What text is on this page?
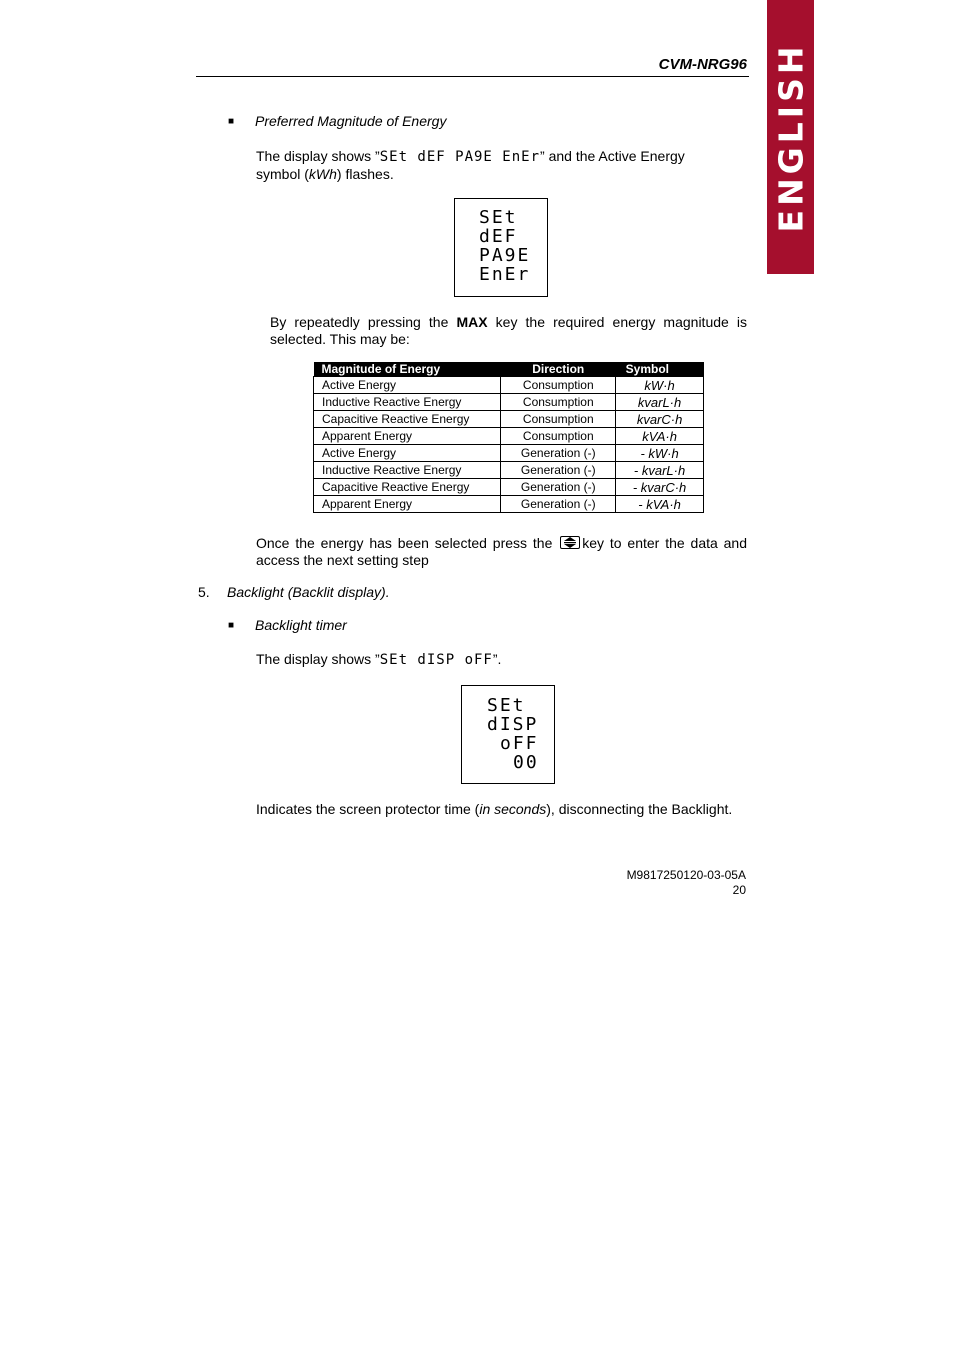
ENGLISH
CVM-NRG96
■ Preferred Magnitude of Energy
The display shows ”SEt dEF PA9E EnEr” and the Active Energy
symbol (kWh) flashes.
SEt
dEF
PA9E
EnEr
By repeatedly pressing the MAX key the required energy magnitude is selected. This may be:
Magnitude of Energy	Direction	Symbol
Active Energy	Consumption	kW·h
Inductive Reactive Energy	Consumption	kvarL·h
Capacitive Reactive Energy	Consumption	kvarC·h
Apparent Energy	Consumption	kVA·h
Active Energy	Generation (-)	- kW·h
Inductive Reactive Energy	Generation (-)	- kvarL·h
Capacitive Reactive Energy	Generation (-)	- kvarC·h
Apparent Energy	Generation (-)	- kVA·h
Once the energy has been selected press the key to enter the data and access the next setting step
5. Backlight (Backlit display).
■ Backlight timer
The display shows ”SEt dISP oFF”.
SEt
dISP
oFF
00
Indicates the screen protector time (in seconds), disconnecting the Backlight.
M9817250120-03-05A
20
